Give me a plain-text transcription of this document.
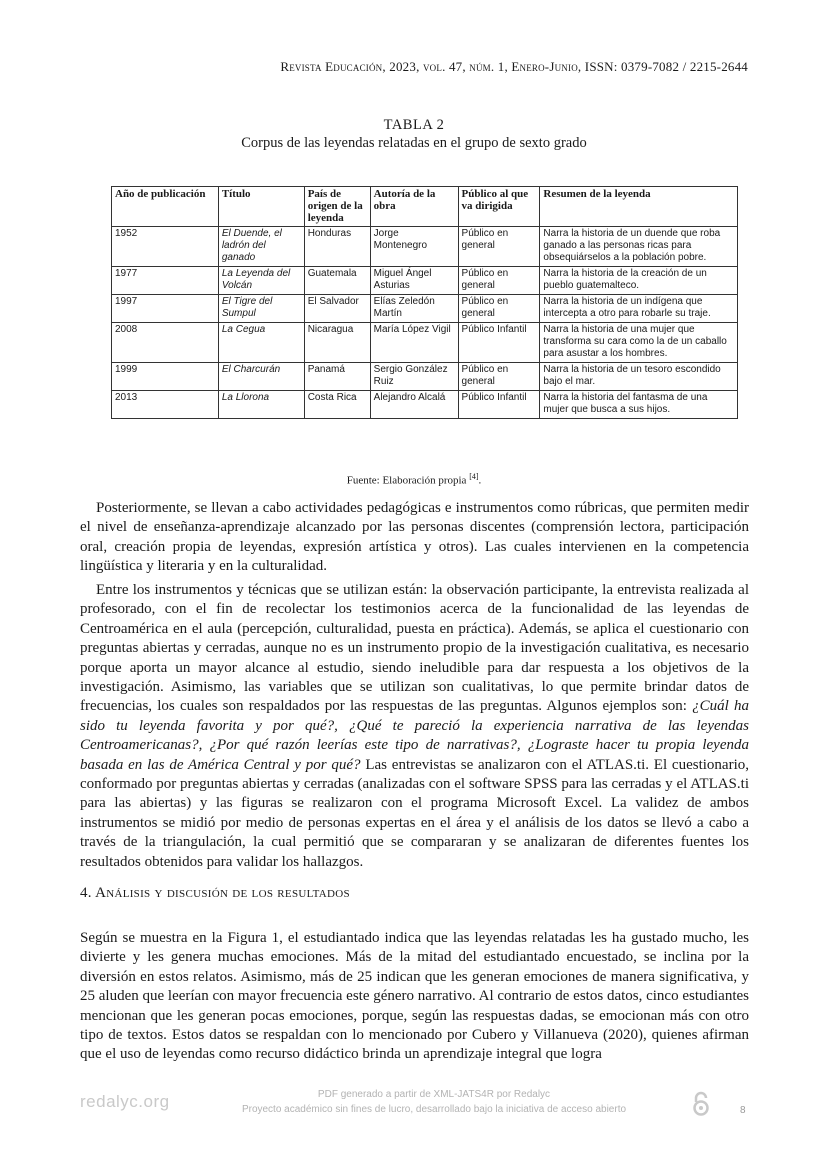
Revista Educación, 2023, vol. 47, núm. 1, Enero-Junio, ISSN: 0379-7082 / 2215-2644
TABLA 2
Corpus de las leyendas relatadas en el grupo de sexto grado
Año de publicación	Título	País de origen de la leyenda	Autoría de la obra	Público al que va dirigida	Resumen de la leyenda
1952	El Duende, el ladrón del ganado	Honduras	Jorge Montenegro	Público en general	Narra la historia de un duende que roba ganado a las personas ricas para obsequiárselos a la población pobre.
1977	La Leyenda del Volcán	Guatemala	Miguel Ángel Asturias	Público en general	Narra la historia de la creación de un pueblo guatemalteco.
1997	El Tigre del Sumpul	El Salvador	Elías Zeledón Martín	Público en general	Narra la historia de un indígena que intercepta a otro para robarle su traje.
2008	La Cegua	Nicaragua	María López Vigil	Público Infantil	Narra la historia de una mujer que transforma su cara como la de un caballo para asustar a los hombres.
1999	El Charcurán	Panamá	Sergio González Ruiz	Público en general	Narra la historia de un tesoro escondido bajo el mar.
2013	La Llorona	Costa Rica	Alejandro Alcalá	Público Infantil	Narra la historia del fantasma de una mujer que busca a sus hijos.
Fuente: Elaboración propia [4].

Posteriormente, se llevan a cabo actividades pedagógicas e instrumentos como rúbricas, que permiten medir el nivel de enseñanza-aprendizaje alcanzado por las personas discentes (comprensión lectora, participación oral, creación propia de leyendas, expresión artística y otros). Las cuales intervienen en la competencia lingüística y literaria y en la culturalidad.

Entre los instrumentos y técnicas que se utilizan están: la observación participante, la entrevista realizada al profesorado, con el fin de recolectar los testimonios acerca de la funcionalidad de las leyendas de Centroamérica en el aula (percepción, culturalidad, puesta en práctica). Además, se aplica el cuestionario con preguntas abiertas y cerradas, aunque no es un instrumento propio de la investigación cualitativa, es necesario porque aporta un mayor alcance al estudio, siendo ineludible para dar respuesta a los objetivos de la investigación. Asimismo, las variables que se utilizan son cualitativas, lo que permite brindar datos de frecuencias, los cuales son respaldados por las respuestas de las preguntas. Algunos ejemplos son: ¿Cuál ha sido tu leyenda favorita y por qué?, ¿Qué te pareció la experiencia narrativa de las leyendas Centroamericanas?, ¿Por qué razón leerías este tipo de narrativas?, ¿Lograste hacer tu propia leyenda basada en las de América Central y por qué? Las entrevistas se analizaron con el ATLAS.ti. El cuestionario, conformado por preguntas abiertas y cerradas (analizadas con el software SPSS para las cerradas y el ATLAS.ti para las abiertas) y las figuras se realizaron con el programa Microsoft Excel. La validez de ambos instrumentos se midió por medio de personas expertas en el área y el análisis de los datos se llevó a cabo a través de la triangulación, la cual permitió que se compararan y se analizaran de diferentes fuentes los resultados obtenidos para validar los hallazgos.

4. Análisis y discusión de los resultados

Según se muestra en la Figura 1, el estudiantado indica que las leyendas relatadas les ha gustado mucho, les divierte y les genera muchas emociones. Más de la mitad del estudiantado encuestado, se inclina por la diversión en estos relatos. Asimismo, más de 25 indican que les generan emociones de manera significativa, y 25 aluden que leerían con mayor frecuencia este género narrativo. Al contrario de estos datos, cinco estudiantes mencionan que les generan pocas emociones, porque, según las respuestas dadas, se emocionan más con otro tipo de textos. Estos datos se respaldan con lo mencionado por Cubero y Villanueva (2020), quienes afirman que el uso de leyendas como recurso didáctico brinda un aprendizaje integral que logra

redalyc.org	PDF generado a partir de XML-JATS4R por Redalyc
Proyecto académico sin fines de lucro, desarrollado bajo la iniciativa de acceso abierto	8
